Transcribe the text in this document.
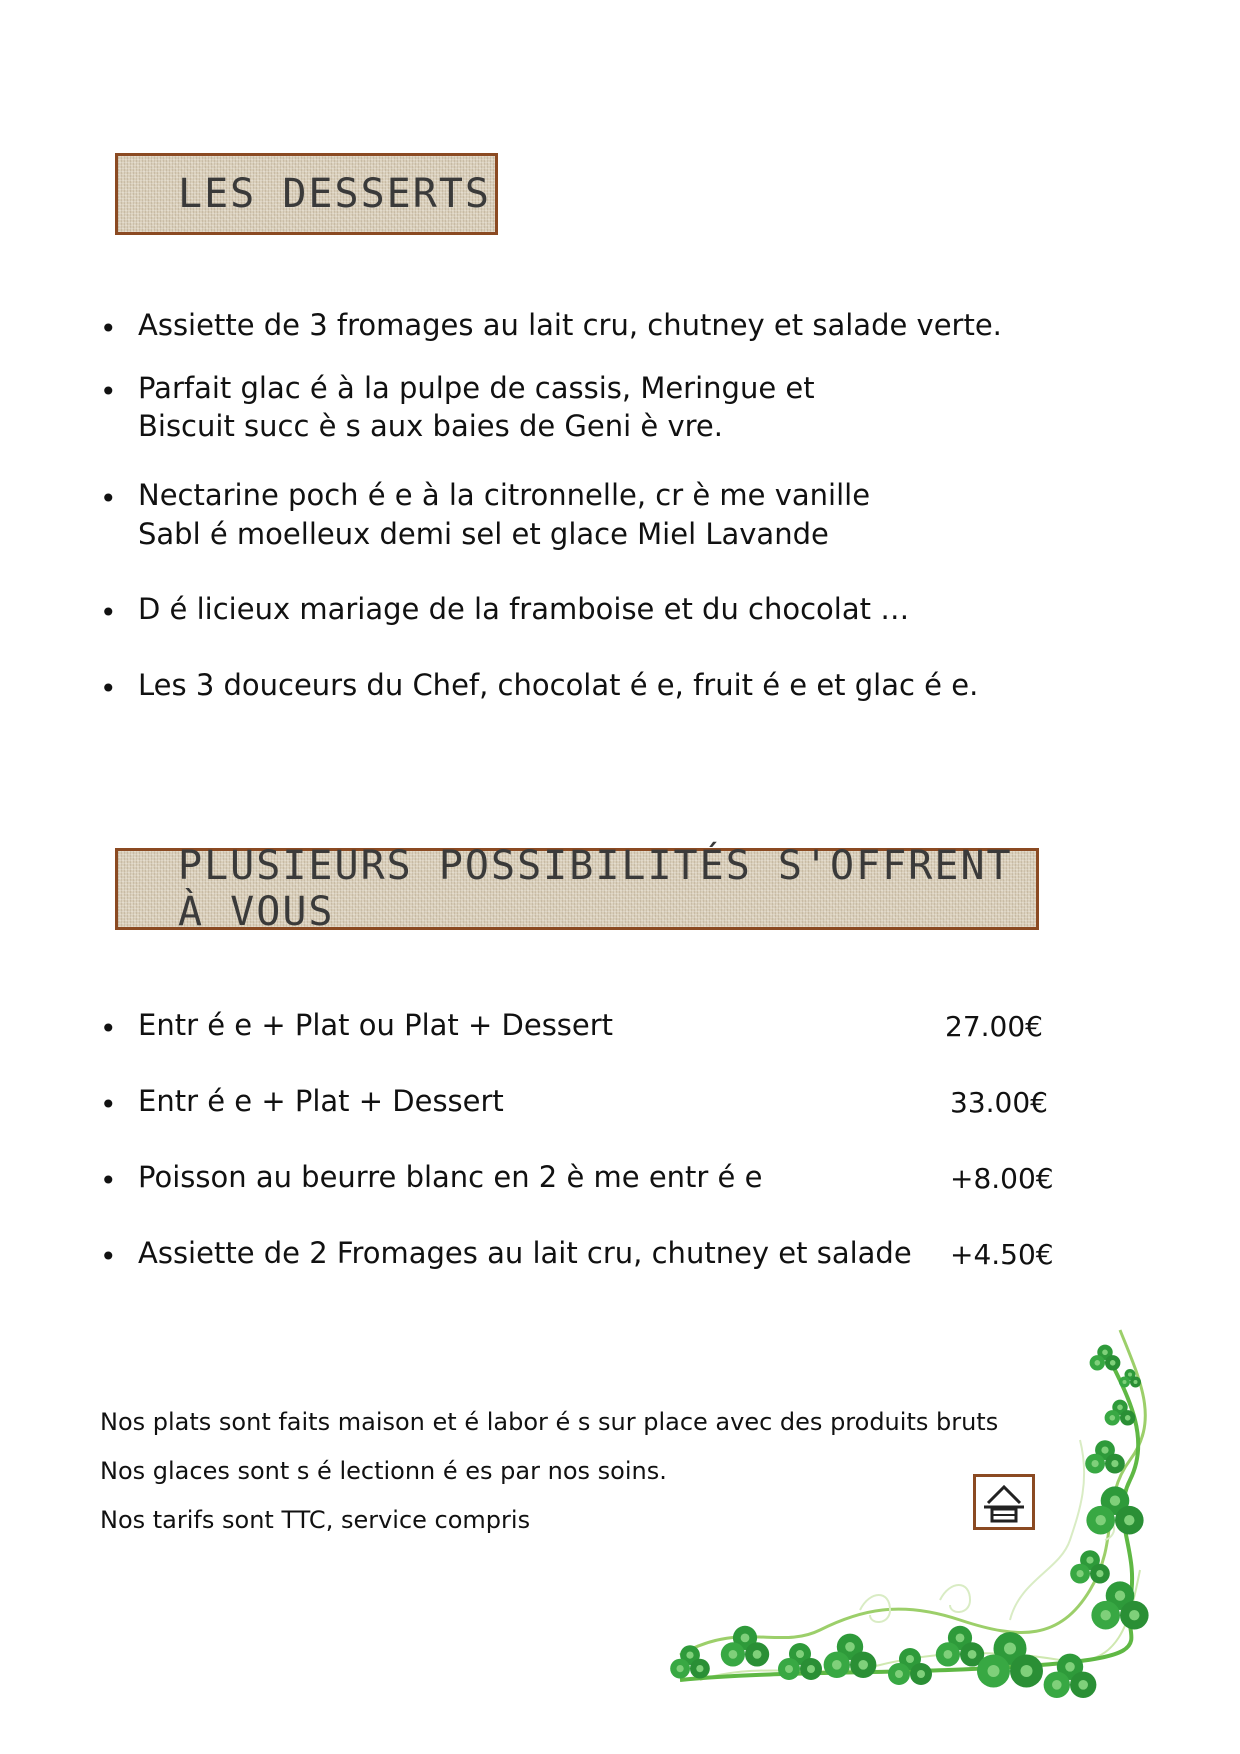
LES DESSERTS
• Assiette de 3 fromages au lait cru, chutney et salade verte.
• Parfait glac é à la pulpe de cassis, Meringue et
Biscuit succ è s aux baies de Geni è vre.
• Nectarine poch é e à la citronnelle, cr è me vanille
Sabl é moelleux demi sel et glace Miel Lavande
• D é licieux mariage de la framboise et du chocolat …
• Les 3 douceurs du Chef, chocolat é e, fruit é e et glac é e.
PLUSIEURS POSSIBILITÉS S'OFFRENT À VOUS
• Entr é e + Plat ou Plat + Dessert	27.00€
• Entr é e + Plat + Dessert	33.00€
• Poisson au beurre blanc en 2 è me entr é e	+8.00€
• Assiette de 2 Fromages au lait cru, chutney et salade +4.50€
Nos plats sont faits maison et é labor é s sur place avec des produits bruts
Nos glaces sont s é lectionn é es par nos soins.
Nos tarifs sont TTC, service compris
